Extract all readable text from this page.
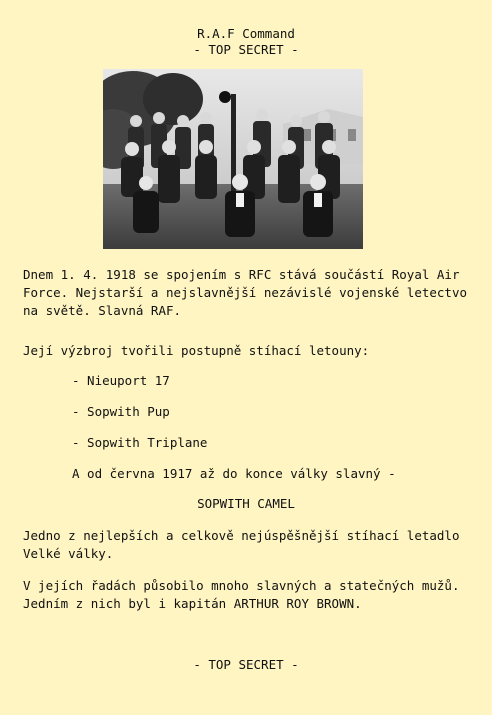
R.A.F Command
- TOP SECRET -

Dnem 1. 4. 1918 se spojením s RFC stává součástí Royal Air Force. Nejstarší a nejslavnější nezávislé vojenské letectvo na světě. Slavná RAF.

Její výzbroj tvořili postupně stíhací letouny:

- Nieuport 17
- Sopwith Pup
- Sopwith Triplane
A od června 1917 až do konce války slavný -
SOPWITH CAMEL

Jedno z nejlepších a celkově nejúspěšnější stíhací letadlo Velké války.

V jejích řadách působilo mnoho slavných a statečných mužů. Jedním z nich byl i kapitán ARTHUR ROY BROWN.

- TOP SECRET -
